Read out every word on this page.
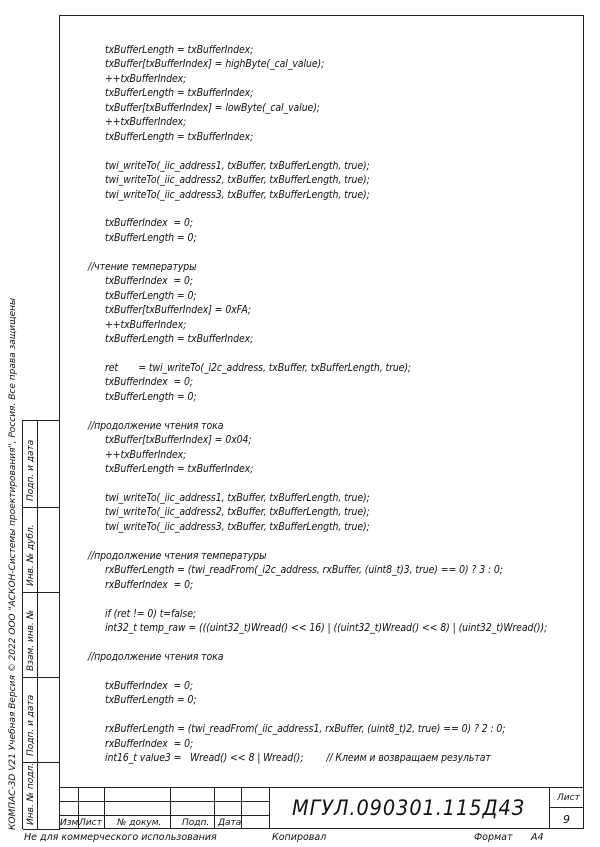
txBufferLength = txBufferIndex;
txBuffer[txBufferIndex] = highByte(_cal_value);
++txBufferIndex;
txBufferLength = txBufferIndex;
txBuffer[txBufferIndex] = lowByte(_cal_value);
++txBufferIndex;
txBufferLength = txBufferIndex;
twi_writeTo(_iic_address1, txBuffer, txBufferLength, true);
twi_writeTo(_iic_address2, txBuffer, txBufferLength, true);
twi_writeTo(_iic_address3, txBuffer, txBufferLength, true);
txBufferIndex  = 0;
txBufferLength = 0;
//чтение температуры
txBufferIndex  = 0;
txBufferLength = 0;
txBuffer[txBufferIndex] = 0xFA;
++txBufferIndex;
txBufferLength = txBufferIndex;
ret       = twi_writeTo(_i2c_address, txBuffer, txBufferLength, true);
txBufferIndex  = 0;
txBufferLength = 0;
//продолжение чтения тока
txBuffer[txBufferIndex] = 0x04;
++txBufferIndex;
txBufferLength = txBufferIndex;
twi_writeTo(_iic_address1, txBuffer, txBufferLength, true);
twi_writeTo(_iic_address2, txBuffer, txBufferLength, true);
twi_writeTo(_iic_address3, txBuffer, txBufferLength, true);
//продолжение чтения температуры
rxBufferLength = (twi_readFrom(_i2c_address, rxBuffer, (uint8_t)3, true) == 0) ? 3 : 0;
rxBufferIndex  = 0;
if (ret != 0) t=false;
int32_t temp_raw = (((uint32_t)Wread() << 16) | ((uint32_t)Wread() << 8) | (uint32_t)Wread());
//продолжение чтения тока
txBufferIndex  = 0;
txBufferLength = 0;
rxBufferLength = (twi_readFrom(_iic_address1, rxBuffer, (uint8_t)2, true) == 0) ? 2 : 0;
rxBufferIndex  = 0;
int16_t value3 =   Wread() << 8 | Wread();        // Клеим и возвращаем результат
КОМПАС-3D V21 Учебная Версия © 2022 ООО "АСКОН-Системы проектирования", Россия. Все права защищены Подп. и дата
Инв. № дубл.
Взам. инв. №
Подп. и дата
Инв. № подл.	Изм.
Лист № докум. Подп. Дата
Лист
9
МГУЛ.090301.115Д4З
Не для коммерческого использования	Копировал	Формат A4
